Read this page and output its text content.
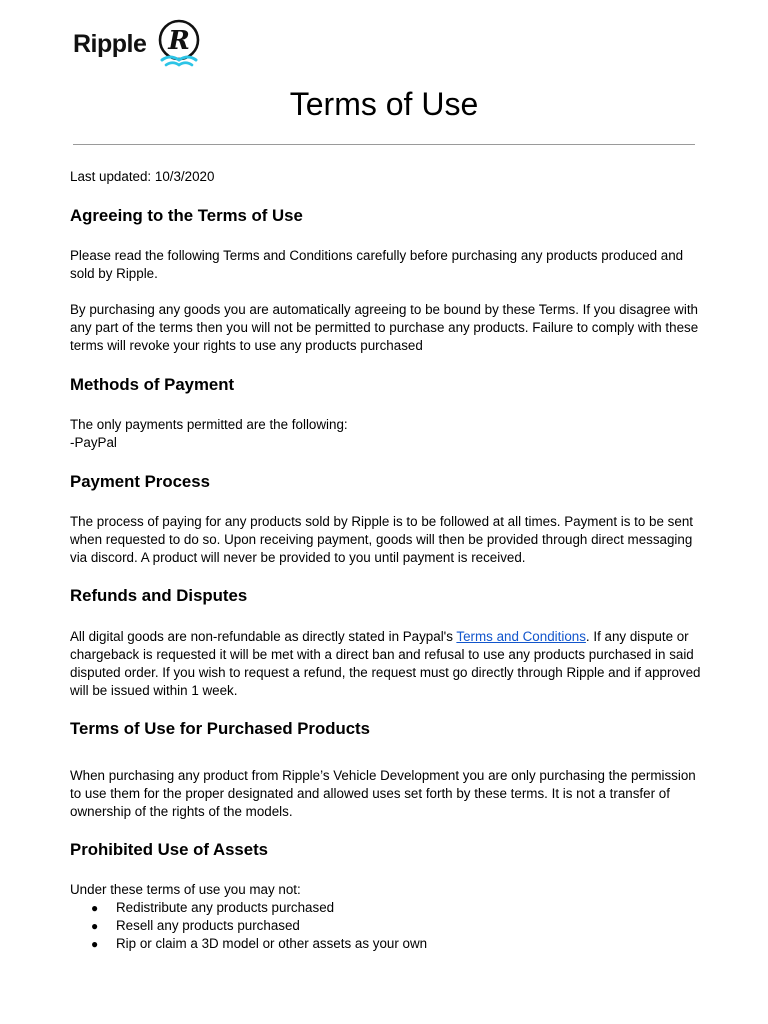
Ripple R
Terms of Use
Last updated: 10/3/2020
Agreeing to the Terms of Use
Please read the following Terms and Conditions carefully before purchasing any products produced and sold by Ripple.
By purchasing any goods you are automatically agreeing to be bound by these Terms. If you disagree with any part of the terms then you will not be permitted to purchase any products. Failure to comply with these terms will revoke your rights to use any products purchased
Methods of Payment
The only payments permitted are the following:
-PayPal
Payment Process
The process of paying for any products sold by Ripple is to be followed at all times. Payment is to be sent when requested to do so. Upon receiving payment, goods will then be provided through direct messaging via discord. A product will never be provided to you until payment is received.
Refunds and Disputes
All digital goods are non-refundable as directly stated in Paypal's Terms and Conditions. If any dispute or chargeback is requested it will be met with a direct ban and refusal to use any products purchased in said disputed order. If you wish to request a refund, the request must go directly through Ripple and if approved will be issued within 1 week.
Terms of Use for Purchased Products
When purchasing any product from Ripple’s Vehicle Development you are only purchasing the permission to use them for the proper designated and allowed uses set forth by these terms. It is not a transfer of ownership of the rights of the models.
Prohibited Use of Assets
Under these terms of use you may not:
●	Redistribute any products purchased
●	Resell any products purchased
●	Rip or claim a 3D model or other assets as your own
